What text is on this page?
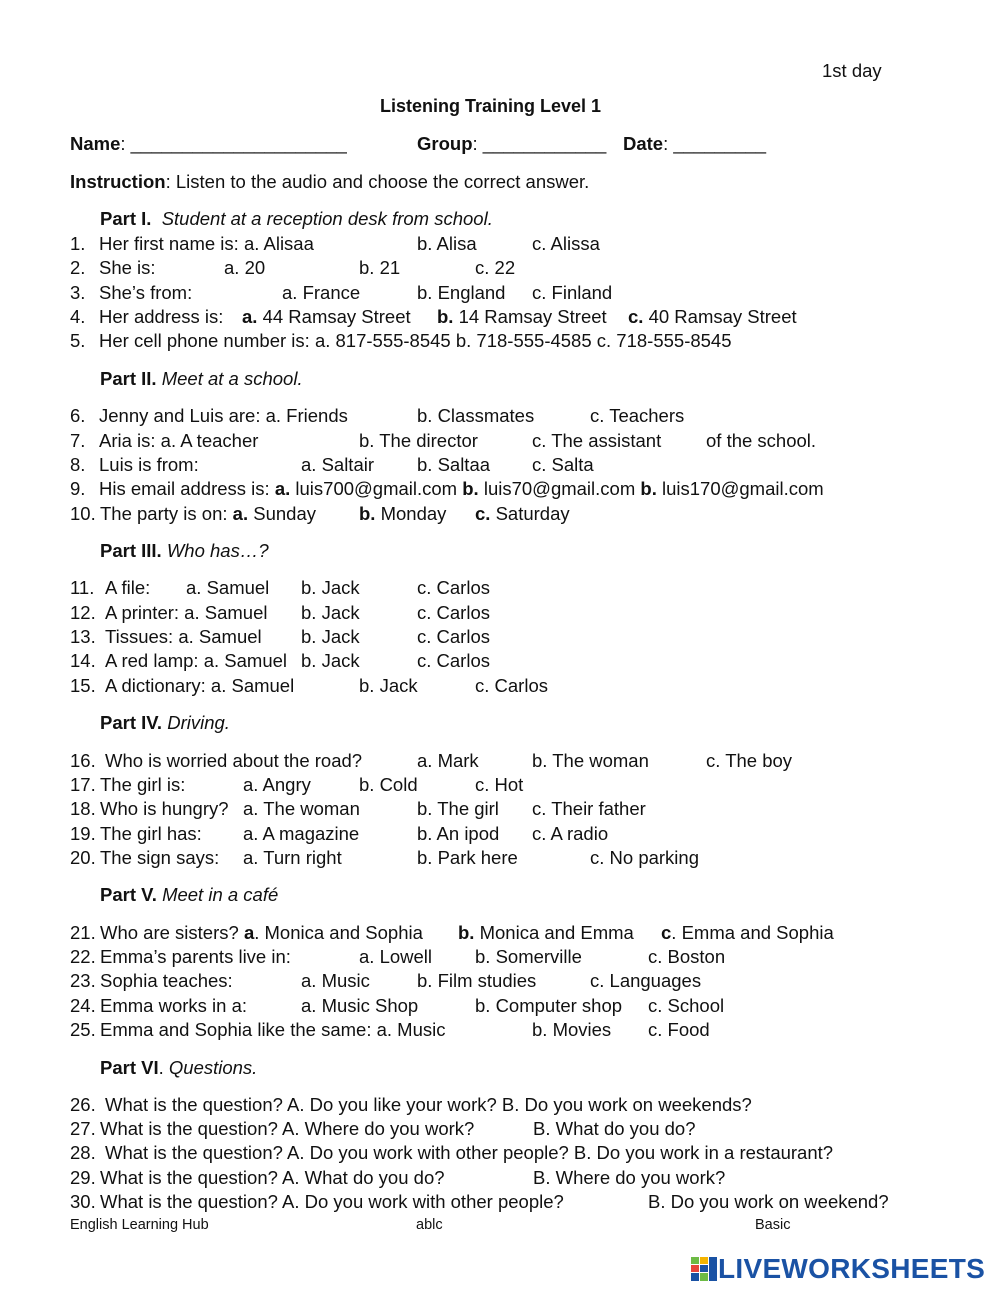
1st day
Listening Training Level 1
Name: _____________________	Group: ____________ Date: _________
Instruction: Listen to the audio and choose the correct answer.
Part I. Student at a reception desk from school.
1. Her first name is: a. Alisaa	b. Alisa	c. Alissa
2. She is:	a. 20	b. 21	c. 22
3. She’s from:	a. France	b. England c. Finland
4. Her address is: a. 44 Ramsay Street b. 14 Ramsay Street c. 40 Ramsay Street
5. Her cell phone number is: a. 817-555-8545 b. 718-555-4585 c. 718-555-8545
Part II. Meet at a school.
6. Jenny and Luis are: a. Friends	b. Classmates	c. Teachers
7. Aria is: a. A teacher	b. The director	c. The assistant of the school.
8. Luis is from:	a. Saltair b. Saltaa c. Salta
9. His email address is: a. luis700@gmail.com b. luis70@gmail.com b. luis170@gmail.com
10. The party is on: a. Sunday b. Monday c. Saturday
Part III. Who has…?
11. A file: a. Samuel b. Jack	c. Carlos
12. A printer: a. Samuel b. Jack	c. Carlos
13. Tissues: a. Samuel b. Jack	c. Carlos
14. A red lamp: a. Samuel b. Jack	c. Carlos
15. A dictionary: a. Samuel	b. Jack	c. Carlos
Part IV. Driving.
16. Who is worried about the road?	a. Mark	b. The woman	c. The boy
17. The girl is:	a. Angry	b. Cold	c. Hot
18. Who is hungry? a. The woman	b. The girl c. Their father
19. The girl has: a. A magazine	b. An ipod c. A radio
20. The sign says: a. Turn right	b. Park here	c. No parking
Part V. Meet in a café
21. Who are sisters? a. Monica and Sophia b. Monica and Emma c. Emma and Sophia
22. Emma’s parents live in:	a. Lowell b. Somerville	c. Boston
23. Sophia teaches:	a. Music	b. Film studies	c. Languages
24. Emma works in a:	a. Music Shop	b. Computer shop c. School
25. Emma and Sophia like the same: a. Music	b. Movies c. Food
Part VI. Questions.
26. What is the question? A. Do you like your work? B. Do you work on weekends?
27. What is the question? A. Where do you work?	B. What do you do?
28. What is the question? A. Do you work with other people? B. Do you work in a restaurant?
29. What is the question? A. What do you do?	B. Where do you work?
30. What is the question? A. Do you work with other people?	B. Do you work on weekend?
English Learning Hub	ablc	Basic
LIVEWORKSHEETS
